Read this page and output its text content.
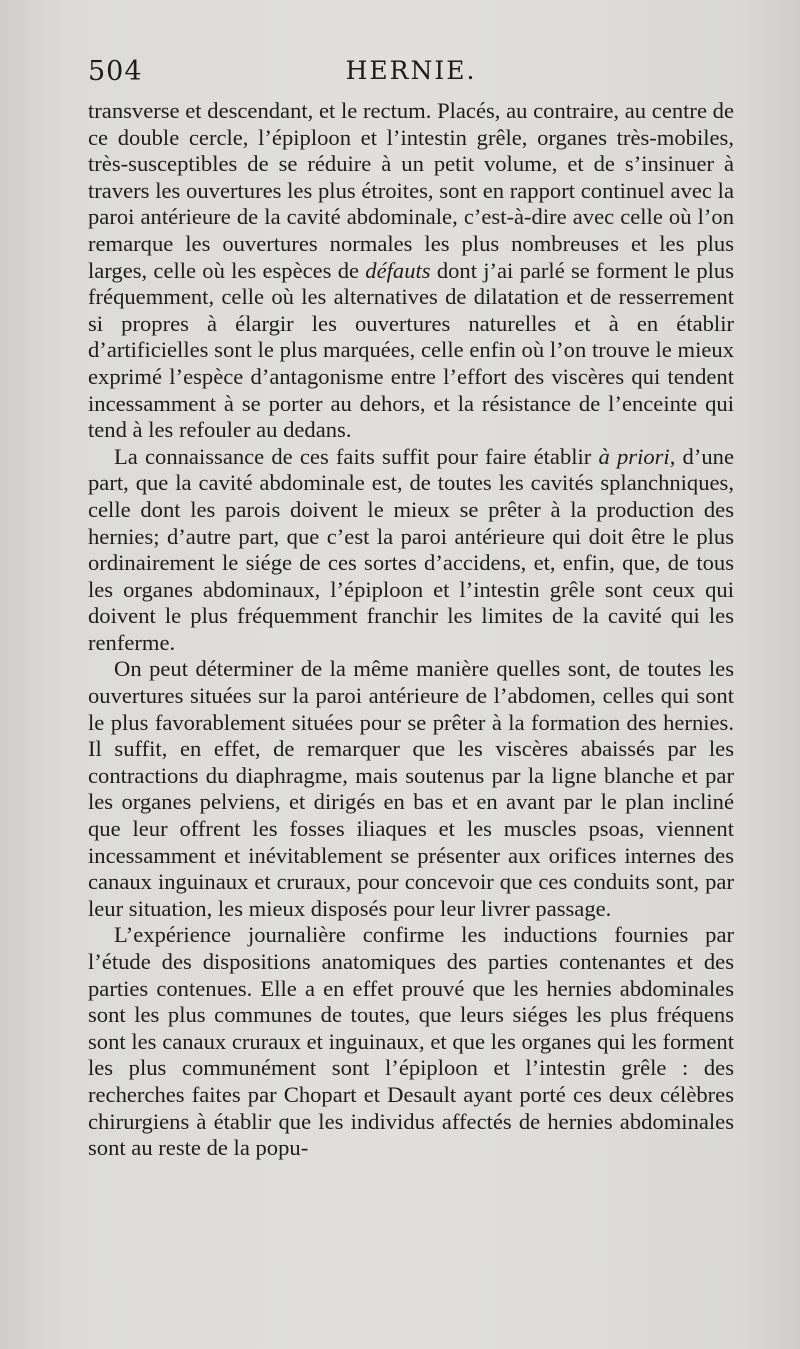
504	HERNIE.

transverse et descendant, et le rectum. Placés, au contraire, au centre de ce double cercle, l’épiploon et l’intestin grêle, organes très-mobiles, très-susceptibles de se réduire à un petit volume, et de s’insinuer à travers les ouvertures les plus étroites, sont en rapport continuel avec la paroi antérieure de la cavité abdominale, c’est-à-dire avec celle où l’on remarque les ouvertures normales les plus nombreuses et les plus larges, celle où les espèces de défauts dont j’ai parlé se forment le plus fréquemment, celle où les alternatives de dilatation et de resserrement si propres à élargir les ouvertures naturelles et à en établir d’artificielles sont le plus marquées, celle enfin où l’on trouve le mieux exprimé l’espèce d’antagonisme entre l’effort des viscères qui tendent incessamment à se porter au dehors, et la résistance de l’enceinte qui tend à les refouler au dedans.

La connaissance de ces faits suffit pour faire établir à priori, d’une part, que la cavité abdominale est, de toutes les cavités splanchniques, celle dont les parois doivent le mieux se prêter à la production des hernies; d’autre part, que c’est la paroi antérieure qui doit être le plus ordinairement le siége de ces sortes d’accidens, et, enfin, que, de tous les organes abdominaux, l’épiploon et l’intestin grêle sont ceux qui doivent le plus fréquemment franchir les limites de la cavité qui les renferme.

On peut déterminer de la même manière quelles sont, de toutes les ouvertures situées sur la paroi antérieure de l’abdomen, celles qui sont le plus favorablement situées pour se prêter à la formation des hernies. Il suffit, en effet, de remarquer que les viscères abaissés par les contractions du diaphragme, mais soutenus par la ligne blanche et par les organes pelviens, et dirigés en bas et en avant par le plan incliné que leur offrent les fosses iliaques et les muscles psoas, viennent incessamment et inévitablement se présenter aux orifices internes des canaux inguinaux et cruraux, pour concevoir que ces conduits sont, par leur situation, les mieux disposés pour leur livrer passage.

L’expérience journalière confirme les inductions fournies par l’étude des dispositions anatomiques des parties contenantes et des parties contenues. Elle a en effet prouvé que les hernies abdominales sont les plus communes de toutes, que leurs siéges les plus fréquens sont les canaux cruraux et inguinaux, et que les organes qui les forment les plus communément sont l’épiploon et l’intestin grêle : des recherches faites par Chopart et Desault ayant porté ces deux célèbres chirurgiens à établir que les individus affectés de hernies abdominales sont au reste de la popu-
